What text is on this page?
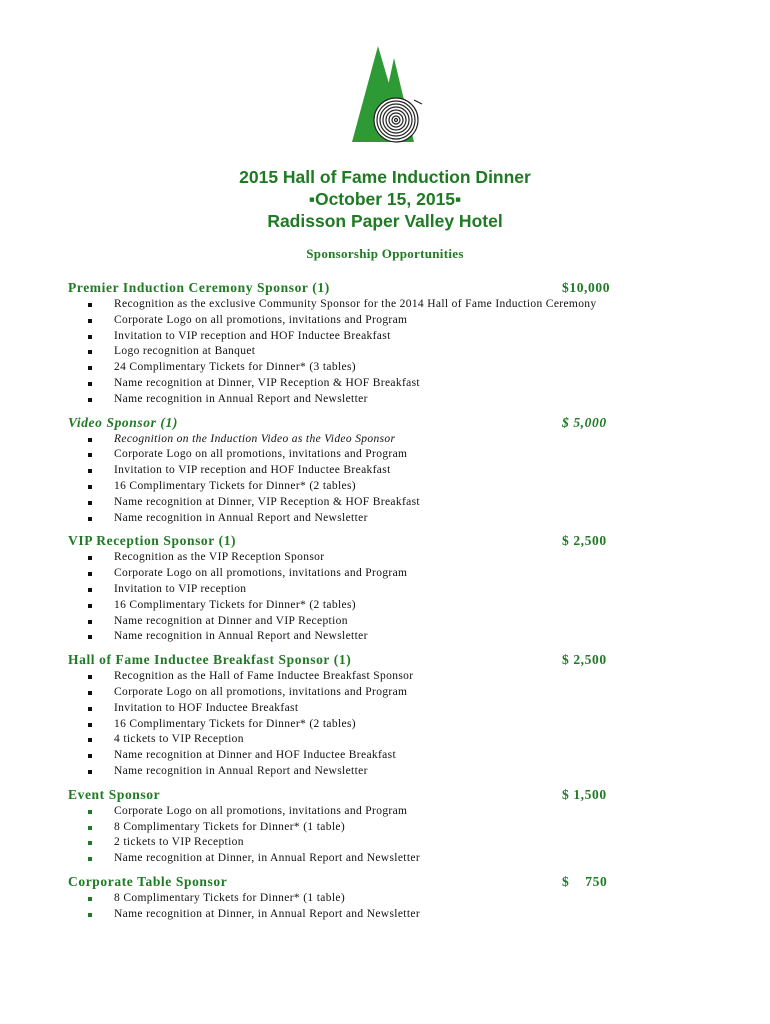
2015 Hall of Fame Induction Dinner
▪October 15, 2015▪
Radisson Paper Valley Hotel
Sponsorship Opportunities
Premier Induction Ceremony Sponsor (1)	$10,000
Recognition as the exclusive Community Sponsor for the 2014 Hall of Fame Induction Ceremony
Corporate Logo on all promotions, invitations and Program
Invitation to VIP reception and HOF Inductee Breakfast
Logo recognition at Banquet
24 Complimentary Tickets for Dinner* (3 tables)
Name recognition at Dinner, VIP Reception & HOF Breakfast
Name recognition in Annual Report and Newsletter
Video Sponsor (1)	$ 5,000
Recognition on the Induction Video as the Video Sponsor
Corporate Logo on all promotions, invitations and Program
Invitation to VIP reception and HOF Inductee Breakfast
16 Complimentary Tickets for Dinner* (2 tables)
Name recognition at Dinner, VIP Reception & HOF Breakfast
Name recognition in Annual Report and Newsletter
VIP Reception Sponsor (1)	$ 2,500
Recognition as the VIP Reception Sponsor
Corporate Logo on all promotions, invitations and Program
Invitation to VIP reception
16 Complimentary Tickets for Dinner* (2 tables)
Name recognition at Dinner and VIP Reception
Name recognition in Annual Report and Newsletter
Hall of Fame Inductee Breakfast Sponsor (1)	$ 2,500
Recognition as the Hall of Fame Inductee Breakfast Sponsor
Corporate Logo on all promotions, invitations and Program
Invitation to HOF Inductee Breakfast
16 Complimentary Tickets for Dinner* (2 tables)
4 tickets to VIP Reception
Name recognition at Dinner and HOF Inductee Breakfast
Name recognition in Annual Report and Newsletter
Event Sponsor	$ 1,500
Corporate Logo on all promotions, invitations and Program
8 Complimentary Tickets for Dinner* (1 table)
2 tickets to VIP Reception
Name recognition at Dinner, in Annual Report and Newsletter
Corporate Table Sponsor	$    750
8 Complimentary Tickets for Dinner* (1 table)
Name recognition at Dinner, in Annual Report and Newsletter
